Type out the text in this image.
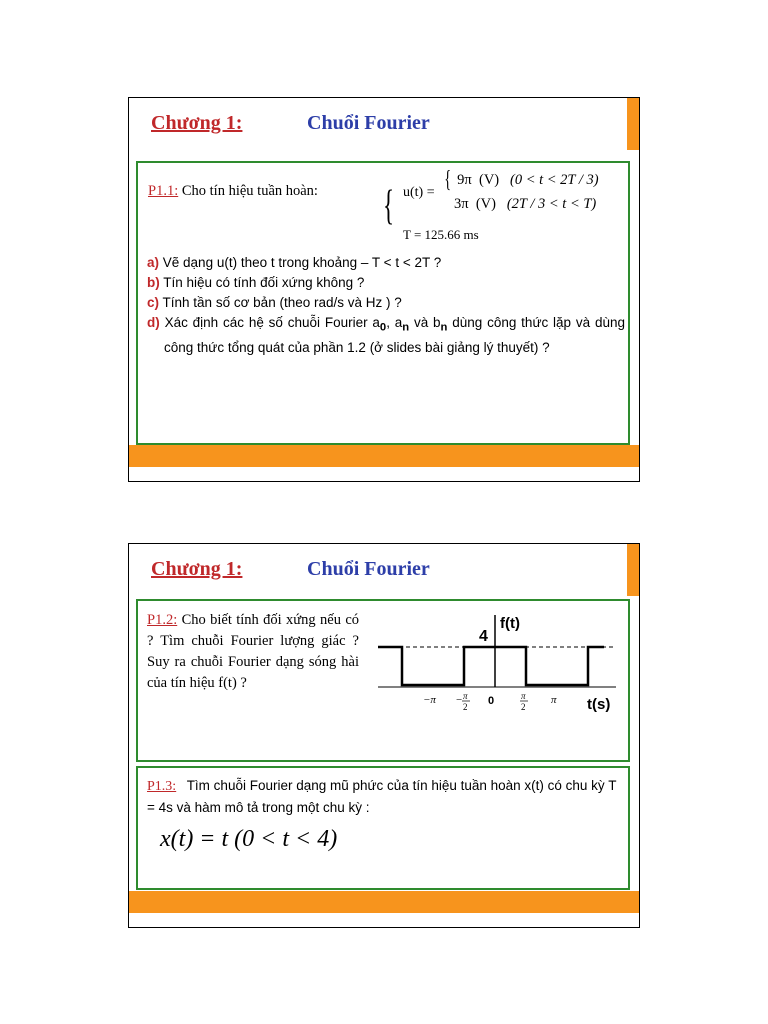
Chương 1:	Chuổi Fourier
P1.1: Cho tín hiệu tuần hoàn: { u(t) = { 9π (V) (0 < t < 2T / 3)
3π (V) (2T / 3 < t < T)
T = 125.66 ms
a) Vẽ dạng u(t) theo t trong khoảng – T < t < 2T ?
b) Tín hiệu có tính đối xứng không ?
c) Tính tần số cơ bản (theo rad/s và Hz ) ?
d) Xác định các hệ số chuỗi Fourier $a_0$, $a_n$ và $b_n$ dùng công thức lặp và dùng công thức tổng quát của phần 1.2 (ở slides bài giảng lý thuyết) ?
Chương 1:	Chuổi Fourier
P1.2: Cho biết tính đối xứng nếu có ? Tìm chuỗi Fourier lượng giác ? Suy ra chuỗi Fourier dạng sóng hài của tín hiệu f(t) ?
4
f(t)
t(s)
−π − π
2 0	π
2
π
P1.3: Tìm chuỗi Fourier dạng mũ phức của tín hiệu tuần hoàn x(t) có chu kỳ T = 4s và hàm mô tả trong một chu kỳ :
x(t) = t (0 < t < 4)
